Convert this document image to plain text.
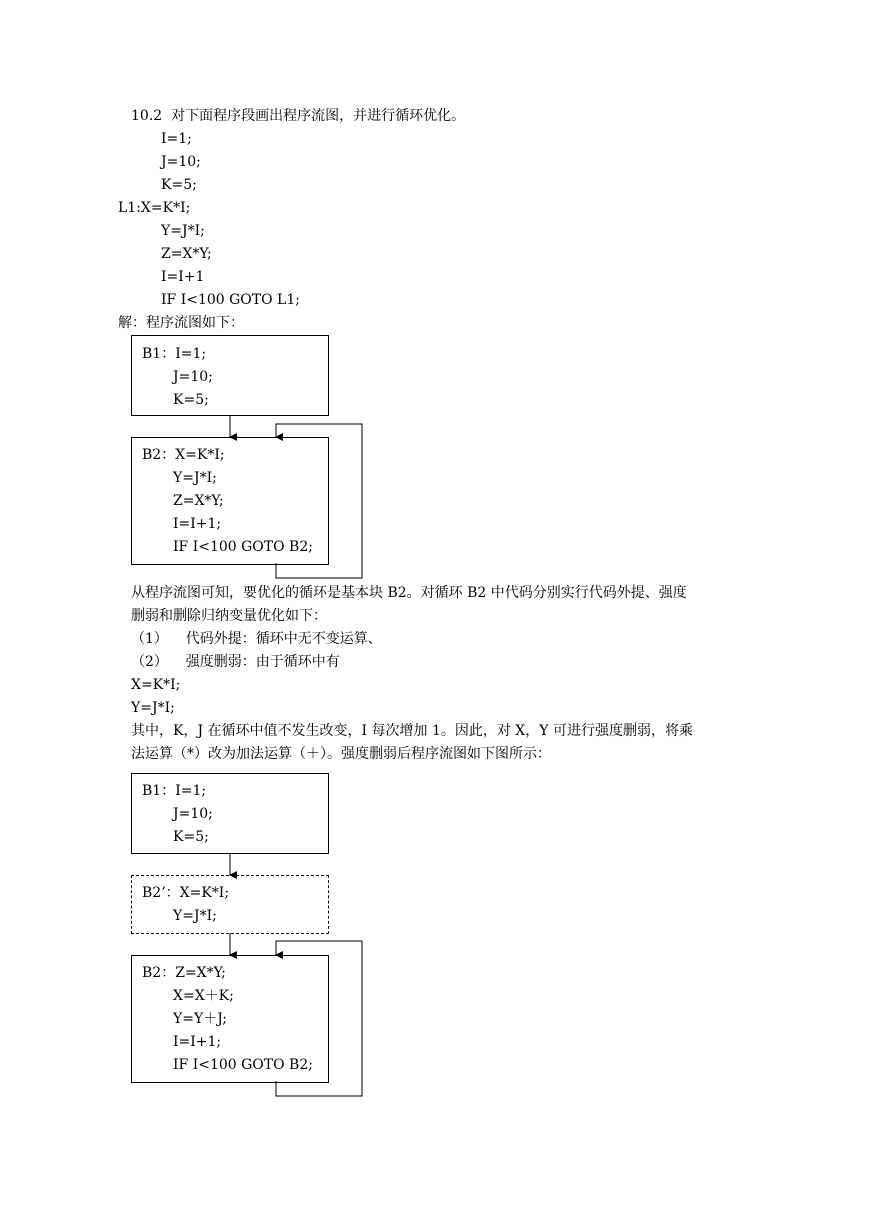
10.2  对下面程序段画出程序流图，并进行循环优化。
I=1;
J=10;
K=5;
L1:X=K*I;
Y=J*I;
Z=X*Y;
I=I+1
IF I<100 GOTO L1;
解：程序流图如下：
B1：I=1;
J=10;
K=5;
B2：X=K*I;
Y=J*I;
Z=X*Y;
I=I+1;
IF I<100 GOTO B2;
从程序流图可知，要优化的循环是基本块 B2。对循环 B2 中代码分别实行代码外提、强度
删弱和删除归纳变量优化如下：
（1）    代码外提：循环中无不变运算、
（2）    强度删弱：由于循环中有
X=K*I;
Y=J*I;
其中，K，J 在循环中值不发生改变，I 每次增加 1。因此，对 X，Y 可进行强度删弱，将乘
法运算（*）改为加法运算（＋）。强度删弱后程序流图如下图所示：
B1：I=1;
J=10;
K=5;
B2’：X=K*I;
Y=J*I;
B2：Z=X*Y;
X=X＋K;
Y=Y＋J;
I=I+1;
IF I<100 GOTO B2;
